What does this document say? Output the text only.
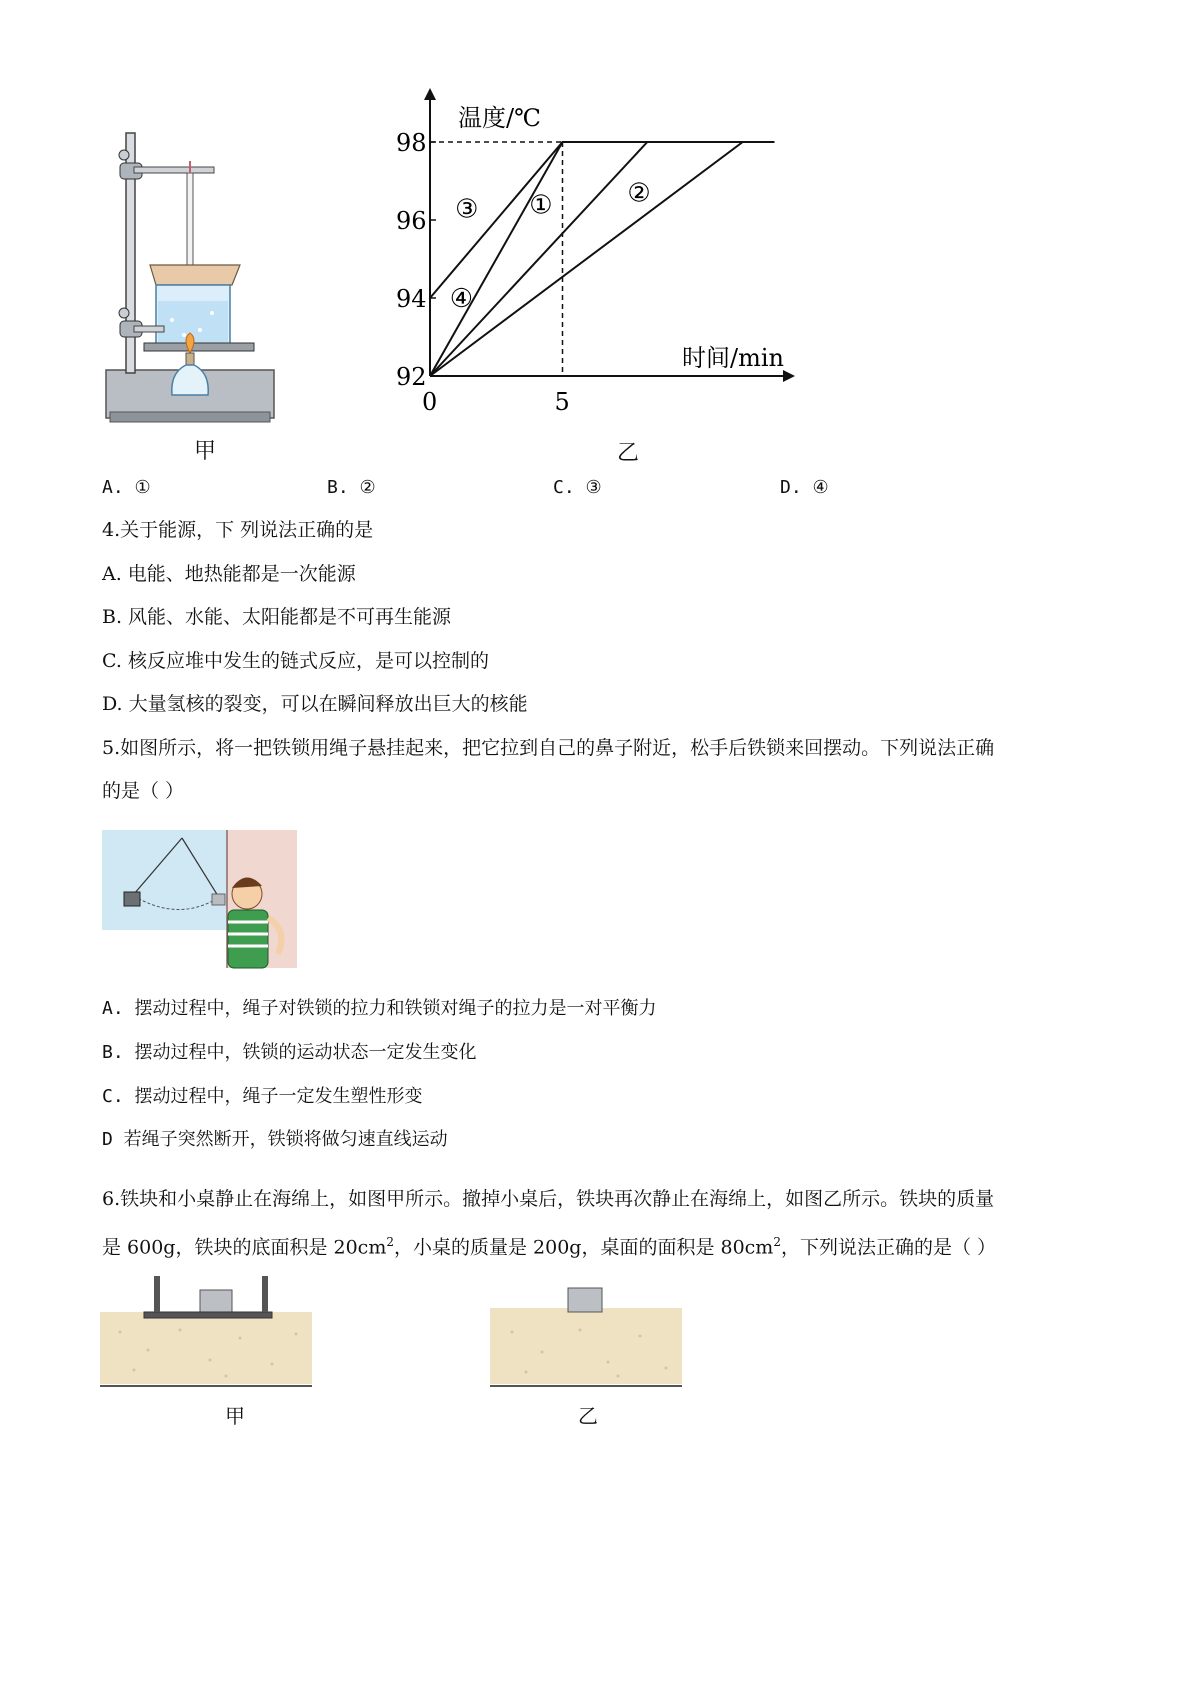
甲
温度/℃
时间/min
92
94
96
98
0	5
①	②
③
④
乙
A. ①	B. ②	C. ③	D. ④
4.关于能源，下 列说法正确的是
A. 电能、地热能都是一次能源
B. 风能、水能、太阳能都是不可再生能源
C. 核反应堆中发生的链式反应，是可以控制的
D. 大量氢核的裂变，可以在瞬间释放出巨大的核能
5.如图所示，将一把铁锁用绳子悬挂起来，把它拉到自己的鼻子附近，松手后铁锁来回摆动。下列说法正确
的是（ ）
A. 摆动过程中，绳子对铁锁的拉力和铁锁对绳子的拉力是一对平衡力
B. 摆动过程中，铁锁的运动状态一定发生变化
C. 摆动过程中，绳子一定发生塑性形变
D 若绳子突然断开，铁锁将做匀速直线运动
6.铁块和小桌静止在海绵上，如图甲所示。撤掉小桌后，铁块再次静止在海绵上，如图乙所示。铁块的质量
是 600g，铁块的底面积是 $20cm^2$，小桌的质量是 200g，桌面的面积是 $80cm^2$，下列说法正确的是（ ）
甲	乙
